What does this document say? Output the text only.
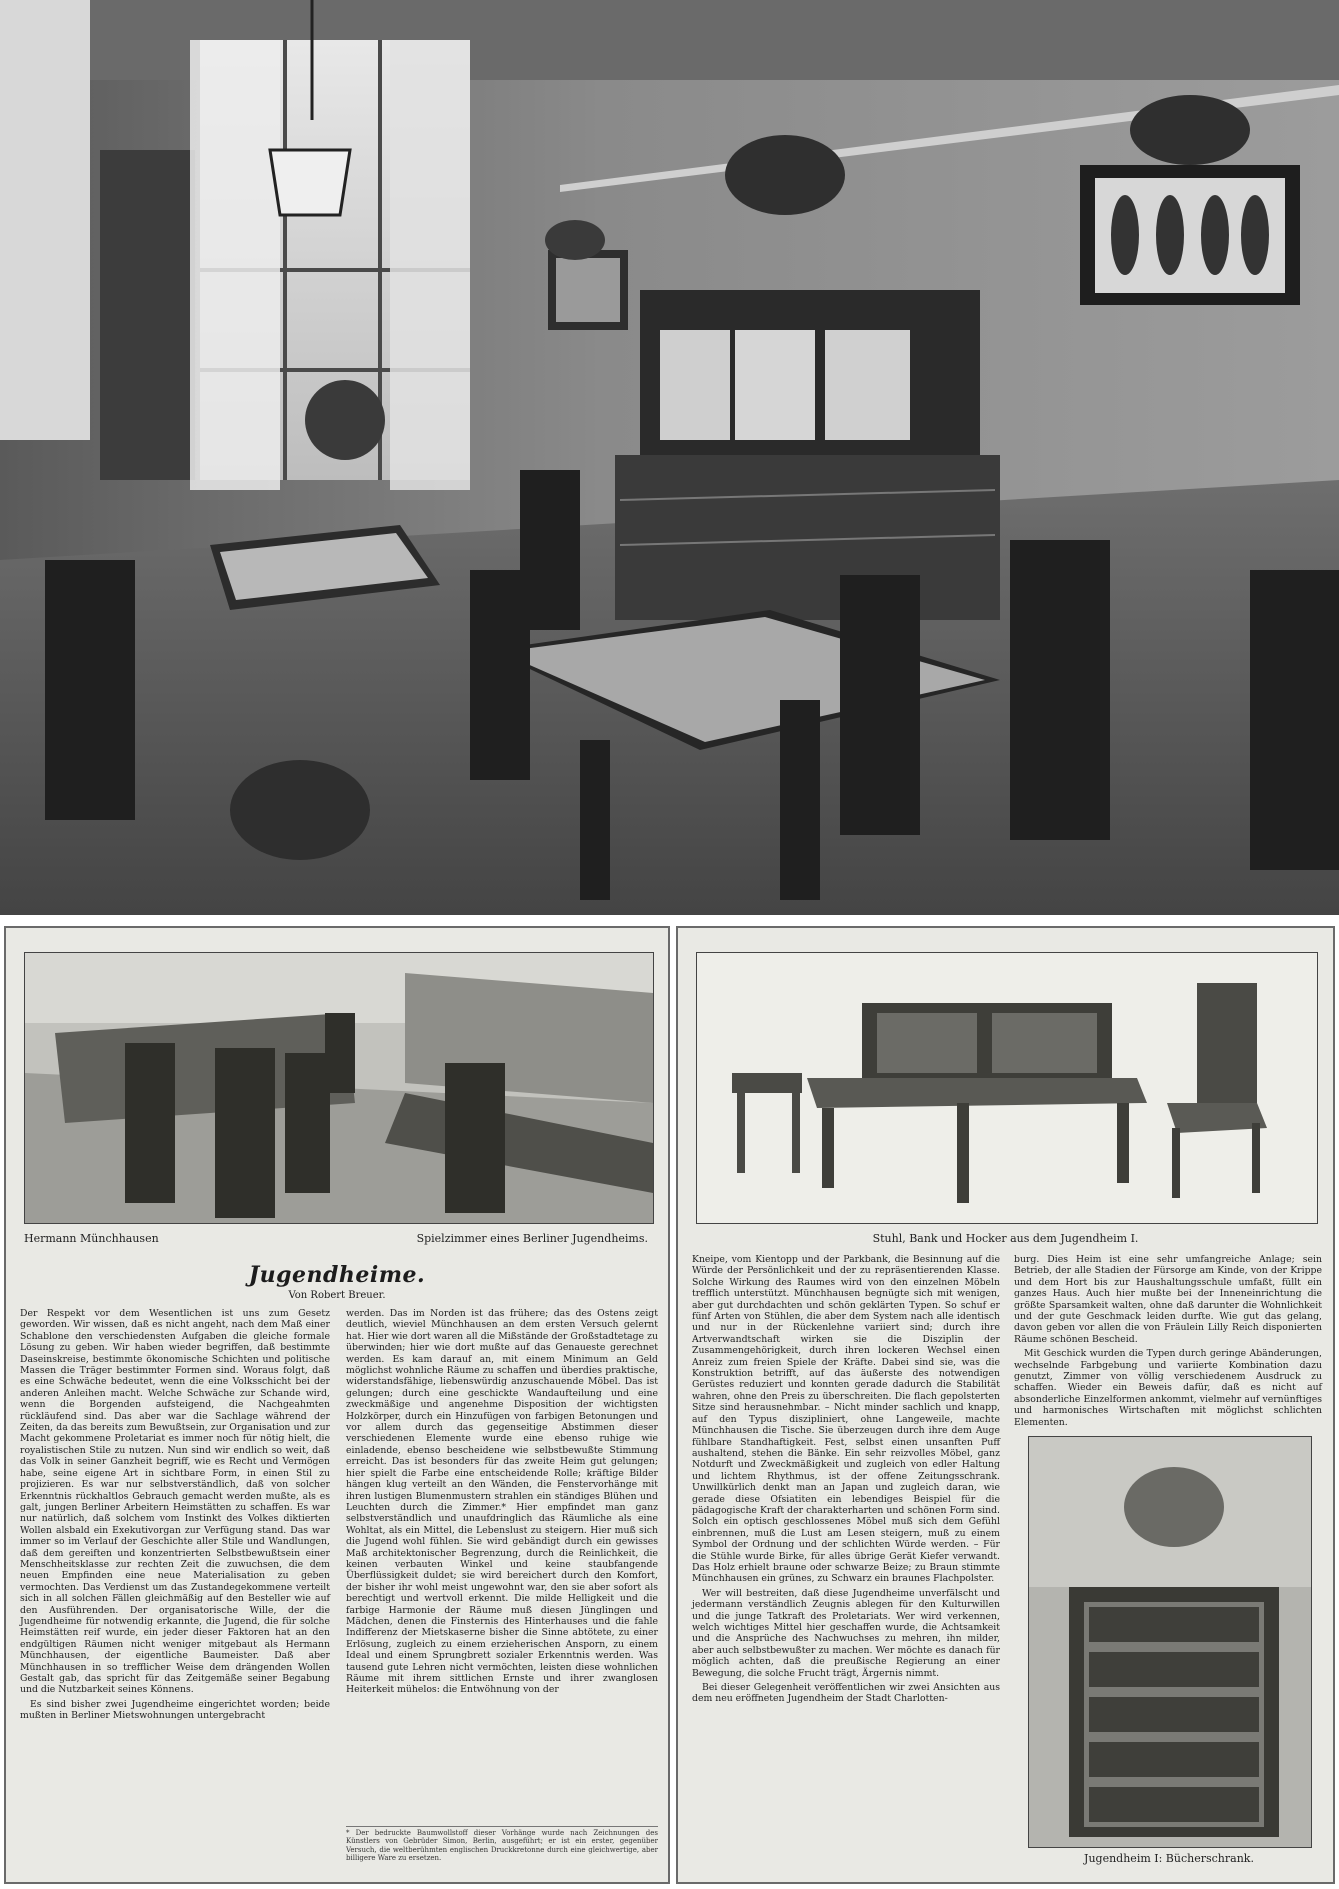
Hermann Münchhausen	Spielzimmer eines Berliner Jugendheims.
Jugendheime.
Von Robert Breuer.

Der Respekt vor dem Wesentlichen ist uns zum Gesetz geworden. Wir wissen, daß es nicht angeht, nach dem Maß einer Schablone den verschiedensten Aufgaben die gleiche formale Lösung zu geben. Wir haben wieder begriffen, daß bestimmte Daseinskreise, bestimmte ökonomische Schichten und politische Massen die Träger bestimmter Formen sind. Woraus folgt, daß es eine Schwäche bedeutet, wenn die eine Volksschicht bei der anderen Anleihen macht. Welche Schwäche zur Schande wird, wenn die Borgenden aufsteigend, die Nachgeahmten rückläufend sind. Das aber war die Sachlage während der Zeiten, da das bereits zum Bewußtsein, zur Organisation und zur Macht gekommene Proletariat es immer noch für nötig hielt, die royalistischen Stile zu nutzen. Nun sind wir endlich so weit, daß das Volk in seiner Ganzheit begriff, wie es Recht und Vermögen habe, seine eigene Art in sichtbare Form, in einen Stil zu projizieren. Es war nur selbstverständlich, daß von solcher Erkenntnis rückhaltlos Gebrauch gemacht werden mußte, als es galt, jungen Berliner Arbeitern Heimstätten zu schaffen. Es war nur natürlich, daß solchem vom Instinkt des Volkes diktierten Wollen alsbald ein Exekutivorgan zur Verfügung stand. Das war immer so im Verlauf der Geschichte aller Stile und Wandlungen, daß dem gereiften und konzentrierten Selbstbewußtsein einer Menschheitsklasse zur rechten Zeit die zuwuchsen, die dem neuen Empfinden eine neue Materialisation zu geben vermochten. Das Verdienst um das Zustandegekommene verteilt sich in all solchen Fällen gleichmäßig auf den Besteller wie auf den Ausführenden. Der organisatorische Wille, der die Jugendheime für notwendig erkannte, die Jugend, die für solche Heimstätten reif wurde, ein jeder dieser Faktoren hat an den endgültigen Räumen nicht weniger mitgebaut als Hermann Münchhausen, der eigentliche Baumeister. Daß aber Münchhausen in so trefflicher Weise dem drängenden Wollen Gestalt gab, das spricht für das Zeitgemäße seiner Begabung und die Nutzbarkeit seines Könnens.

Es sind bisher zwei Jugendheime eingerichtet worden; beide mußten in Berliner Mietswohnungen untergebracht

werden. Das im Norden ist das frühere; das des Ostens zeigt deutlich, wieviel Münchhausen an dem ersten Versuch gelernt hat. Hier wie dort waren all die Mißstände der Großstadtetage zu überwinden; hier wie dort mußte auf das Genaueste gerechnet werden. Es kam darauf an, mit einem Minimum an Geld möglichst wohnliche Räume zu schaffen und überdies praktische, widerstandsfähige, liebenswürdig anzuschauende Möbel. Das ist gelungen; durch eine geschickte Wandaufteilung und eine zweckmäßige und angenehme Disposition der wichtigsten Holzkörper, durch ein Hinzufügen von farbigen Betonungen und vor allem durch das gegenseitige Abstimmen dieser verschiedenen Elemente wurde eine ebenso ruhige wie einladende, ebenso bescheidene wie selbstbewußte Stimmung erreicht. Das ist besonders für das zweite Heim gut gelungen; hier spielt die Farbe eine entscheidende Rolle; kräftige Bilder hängen klug verteilt an den Wänden, die Fenstervorhänge mit ihren lustigen Blumenmustern strahlen ein ständiges Blühen und Leuchten durch die Zimmer.* Hier empfindet man ganz selbstverständlich und unaufdringlich das Räumliche als eine Wohltat, als ein Mittel, die Lebenslust zu steigern. Hier muß sich die Jugend wohl fühlen. Sie wird gebändigt durch ein gewisses Maß architektonischer Begrenzung, durch die Reinlichkeit, die keinen verbauten Winkel und keine staubfangende Überflüssigkeit duldet; sie wird bereichert durch den Komfort, der bisher ihr wohl meist ungewohnt war, den sie aber sofort als berechtigt und wertvoll erkennt. Die milde Helligkeit und die farbige Harmonie der Räume muß diesen Jünglingen und Mädchen, denen die Finsternis des Hinterhauses und die fahle Indifferenz der Mietskaserne bisher die Sinne abtötete, zu einer Erlösung, zugleich zu einem erzieherischen Ansporn, zu einem Ideal und einem Sprungbrett sozialer Erkenntnis werden. Was tausend gute Lehren nicht vermöchten, leisten diese wohnlichen Räume mit ihrem sittlichen Ernste und ihrer zwanglosen Heiterkeit mühelos: die Entwöhnung von der

* Der bedruckte Baumwollstoff dieser Vorhänge wurde nach Zeichnungen des Künstlers von Gebrüder Simon, Berlin, ausgeführt; er ist ein erster, gegenüber Versuch, die weltberühmten englischen Druckkretonne durch eine gleichwertige, aber billigere Ware zu ersetzen.
Stuhl, Bank und Hocker aus dem Jugendheim I.

Kneipe, vom Kientopp und der Parkbank, die Besinnung auf die Würde der Persönlichkeit und der zu repräsentierenden Klasse. Solche Wirkung des Raumes wird von den einzelnen Möbeln trefflich unterstützt. Münchhausen begnügte sich mit wenigen, aber gut durchdachten und schön geklärten Typen. So schuf er fünf Arten von Stühlen, die aber dem System nach alle identisch und nur in der Rückenlehne variiert sind; durch ihre Artverwandtschaft wirken sie die Disziplin der Zusammengehörigkeit, durch ihren lockeren Wechsel einen Anreiz zum freien Spiele der Kräfte. Dabei sind sie, was die Konstruktion betrifft, auf das äußerste des notwendigen Gerüstes reduziert und konnten gerade dadurch die Stabilität wahren, ohne den Preis zu überschreiten. Die flach gepolsterten Sitze sind herausnehmbar. – Nicht minder sachlich und knapp, auf den Typus diszipliniert, ohne Langeweile, machte Münchhausen die Tische. Sie überzeugen durch ihre dem Auge fühlbare Standhaftigkeit. Fest, selbst einen unsanften Puff aushaltend, stehen die Bänke. Ein sehr reizvolles Möbel, ganz Notdurft und Zweckmäßigkeit und zugleich von edler Haltung und lichtem Rhythmus, ist der offene Zeitungsschrank. Unwillkürlich denkt man an Japan und zugleich daran, wie gerade diese Ofsiatiten ein lebendiges Beispiel für die pädagogische Kraft der charakterharten und schönen Form sind. Solch ein optisch geschlossenes Möbel muß sich dem Gefühl einbrennen, muß die Lust am Lesen steigern, muß zu einem Symbol der Ordnung und der schlichten Würde werden. – Für die Stühle wurde Birke, für alles übrige Gerät Kiefer verwandt. Das Holz erhielt braune oder schwarze Beize; zu Braun stimmte Münchhausen ein grünes, zu Schwarz ein braunes Flachpolster.

Wer will bestreiten, daß diese Jugendheime unverfälscht und jedermann verständlich Zeugnis ablegen für den Kulturwillen und die junge Tatkraft des Proletariats. Wer wird verkennen, welch wichtiges Mittel hier geschaffen wurde, die Achtsamkeit und die Ansprüche des Nachwuchses zu mehren, ihn milder, aber auch selbstbewußter zu machen. Wer möchte es danach für möglich achten, daß die preußische Regierung an einer Bewegung, die solche Frucht trägt, Ärgernis nimmt.

Bei dieser Gelegenheit veröffentlichen wir zwei Ansichten aus dem neu eröffneten Jugendheim der Stadt Charlotten-

burg. Dies Heim ist eine sehr umfangreiche Anlage; sein Betrieb, der alle Stadien der Fürsorge am Kinde, von der Krippe und dem Hort bis zur Haushaltungsschule umfaßt, füllt ein ganzes Haus. Auch hier mußte bei der Inneneinrichtung die größte Sparsamkeit walten, ohne daß darunter die Wohnlichkeit und der gute Geschmack leiden durfte. Wie gut das gelang, davon geben vor allen die von Fräulein Lilly Reich disponierten Räume schönen Bescheid.

Mit Geschick wurden die Typen durch geringe Abänderungen, wechselnde Farbgebung und variierte Kombination dazu genutzt, Zimmer von völlig verschiedenem Ausdruck zu schaffen. Wieder ein Beweis dafür, daß es nicht auf absonderliche Einzelformen ankommt, vielmehr auf vernünftiges und harmonisches Wirtschaften mit möglichst schlichten Elementen.

Jugendheim I: Bücherschrank.
